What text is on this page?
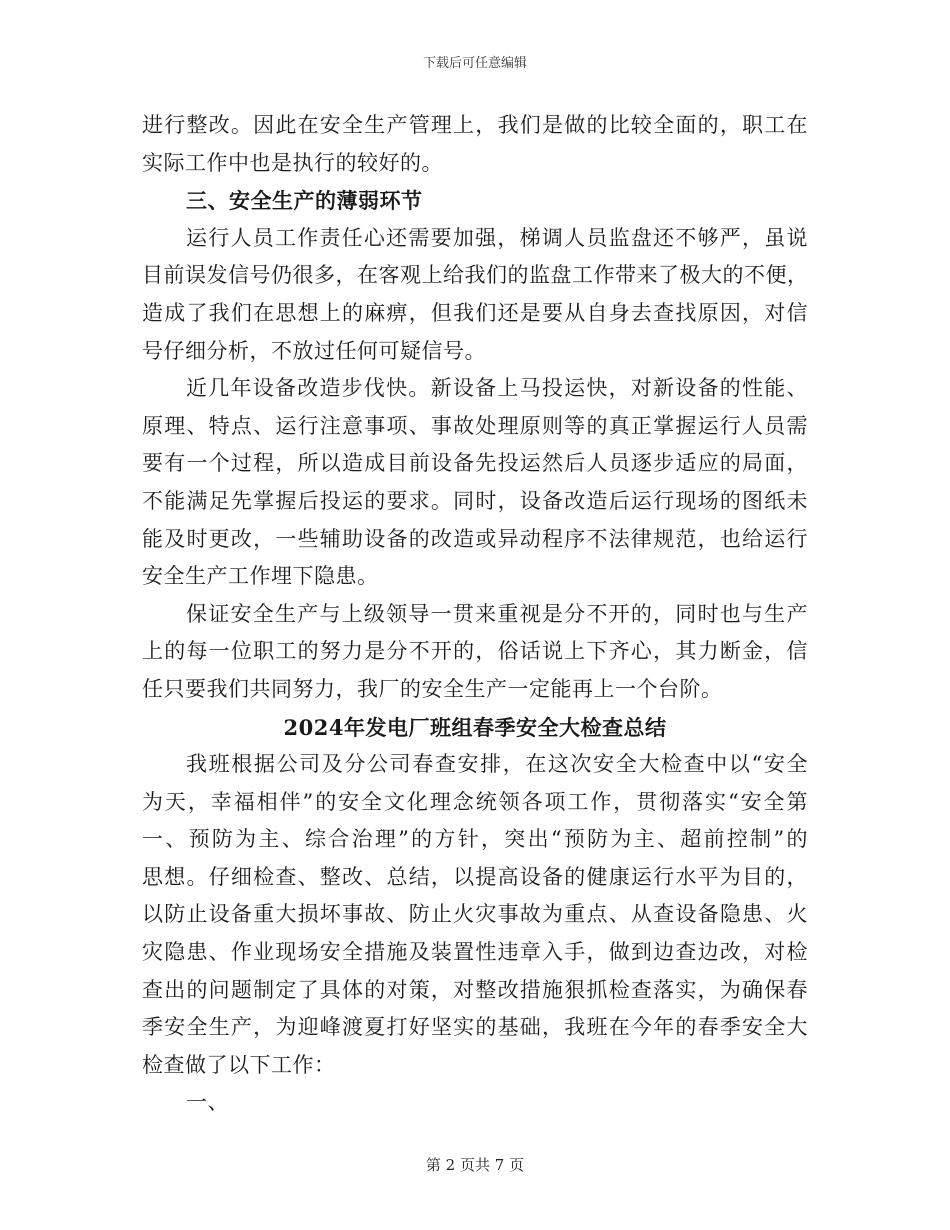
下载后可任意编辑
进行整改。因此在安全生产管理上，我们是做的比较全面的，职工在
实际工作中也是执行的较好的。
三、安全生产的薄弱环节
运行人员工作责任心还需要加强，梯调人员监盘还不够严，虽说
目前误发信号仍很多，在客观上给我们的监盘工作带来了极大的不便，
造成了我们在思想上的麻痹，但我们还是要从自身去查找原因，对信
号仔细分析，不放过任何可疑信号。
近几年设备改造步伐快。新设备上马投运快，对新设备的性能、
原理、特点、运行注意事项、事故处理原则等的真正掌握运行人员需
要有一个过程，所以造成目前设备先投运然后人员逐步适应的局面，
不能满足先掌握后投运的要求。同时，设备改造后运行现场的图纸未
能及时更改，一些辅助设备的改造或异动程序不法律规范，也给运行
安全生产工作埋下隐患。
保证安全生产与上级领导一贯来重视是分不开的，同时也与生产
上的每一位职工的努力是分不开的，俗话说上下齐心，其力断金，信
任只要我们共同努力，我厂的安全生产一定能再上一个台阶。
2024年发电厂班组春季安全大检查总结
我班根据公司及分公司春查安排，在这次安全大检查中以“安全
为天，幸福相伴”的安全文化理念统领各项工作，贯彻落实“安全第
一、预防为主、综合治理”的方针，突出“预防为主、超前控制”的
思想。仔细检查、整改、总结，以提高设备的健康运行水平为目的，
以防止设备重大损坏事故、防止火灾事故为重点、从查设备隐患、火
灾隐患、作业现场安全措施及装置性违章入手，做到边查边改，对检
查出的问题制定了具体的对策，对整改措施狠抓检查落实，为确保春
季安全生产，为迎峰渡夏打好坚实的基础，我班在今年的春季安全大
检查做了以下工作：
一、
第 2 页共 7 页
